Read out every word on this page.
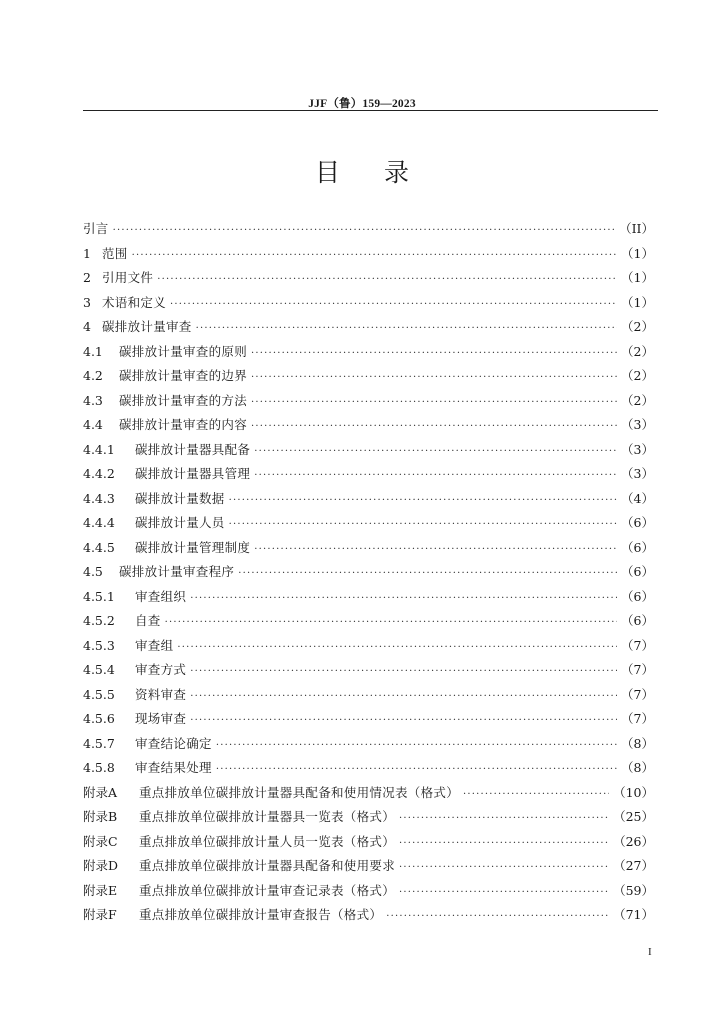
JJF（鲁）159—2023
目 录
引言 ·····	（II）
1 范围 ·····	（1）
2 引用文件 ·····	（1）
3 术语和定义 ·····	（1）
4 碳排放计量审查 ·····	（2）
4.1	碳排放计量审查的原则 ·····	（2）
4.2	碳排放计量审查的边界 ·····	（2）
4.3	碳排放计量审查的方法 ·····	（2）
4.4	碳排放计量审查的内容 ·····	（3）
4.4.1	碳排放计量器具配备 ·····	（3）
4.4.2	碳排放计量器具管理 ·····	（3）
4.4.3	碳排放计量数据 ·····	（4）
4.4.4	碳排放计量人员 ·····	（6）
4.4.5	碳排放计量管理制度 ·····	（6）
4.5	碳排放计量审查程序 ·····	（6）
4.5.1	审查组织 ·····	（6）
4.5.2	自查 ·····	（6）
4.5.3	审查组 ·····	（7）
4.5.4	审查方式 ·····	（7）
4.5.5	资料审查 ·····	（7）
4.5.6	现场审查 ·····	（7）
4.5.7	审查结论确定 ·····	（8）
4.5.8	审查结果处理 ·····	（8）
附录A	重点排放单位碳排放计量器具配备和使用情况表（格式） ·····	（10）
附录B	重点排放单位碳排放计量器具一览表（格式） ·····	（25）
附录C	重点排放单位碳排放计量人员一览表（格式） ·····	（26）
附录D	重点排放单位碳排放计量器具配备和使用要求 ·····	（27）
附录E	重点排放单位碳排放计量审查记录表（格式） ·····	（59）
附录F	重点排放单位碳排放计量审查报告（格式） ·····	（71）
I
